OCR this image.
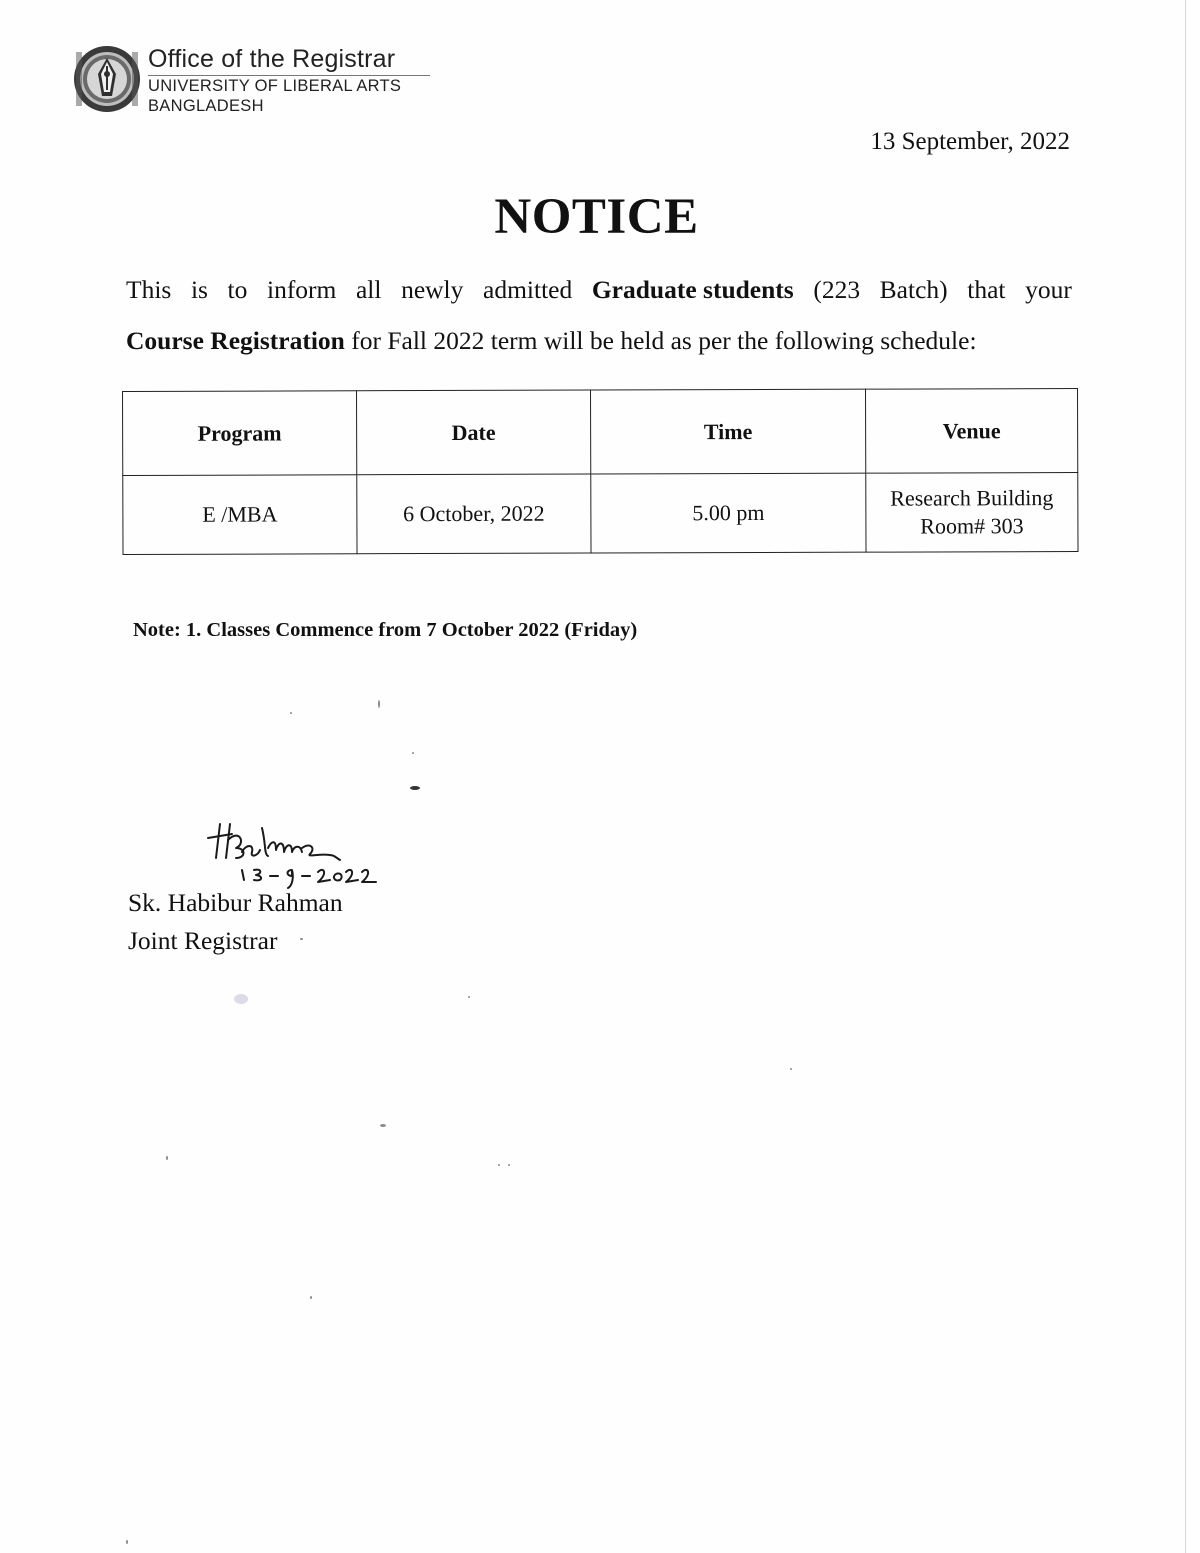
Office of the Registrar
UNIVERSITY OF LIBERAL ARTS
BANGLADESH
13 September, 2022
NOTICE
This is to inform all newly admitted Graduate students (223 Batch) that your
Course Registration for Fall 2022 term will be held as per the following schedule:
Program	Date	Time	Venue
E /MBA	6 October, 2022	5.00 pm	Research Building
Room# 303
Note: 1. Classes Commence from 7 October 2022 (Friday)
Sk. Habibur Rahman
Joint Registrar
